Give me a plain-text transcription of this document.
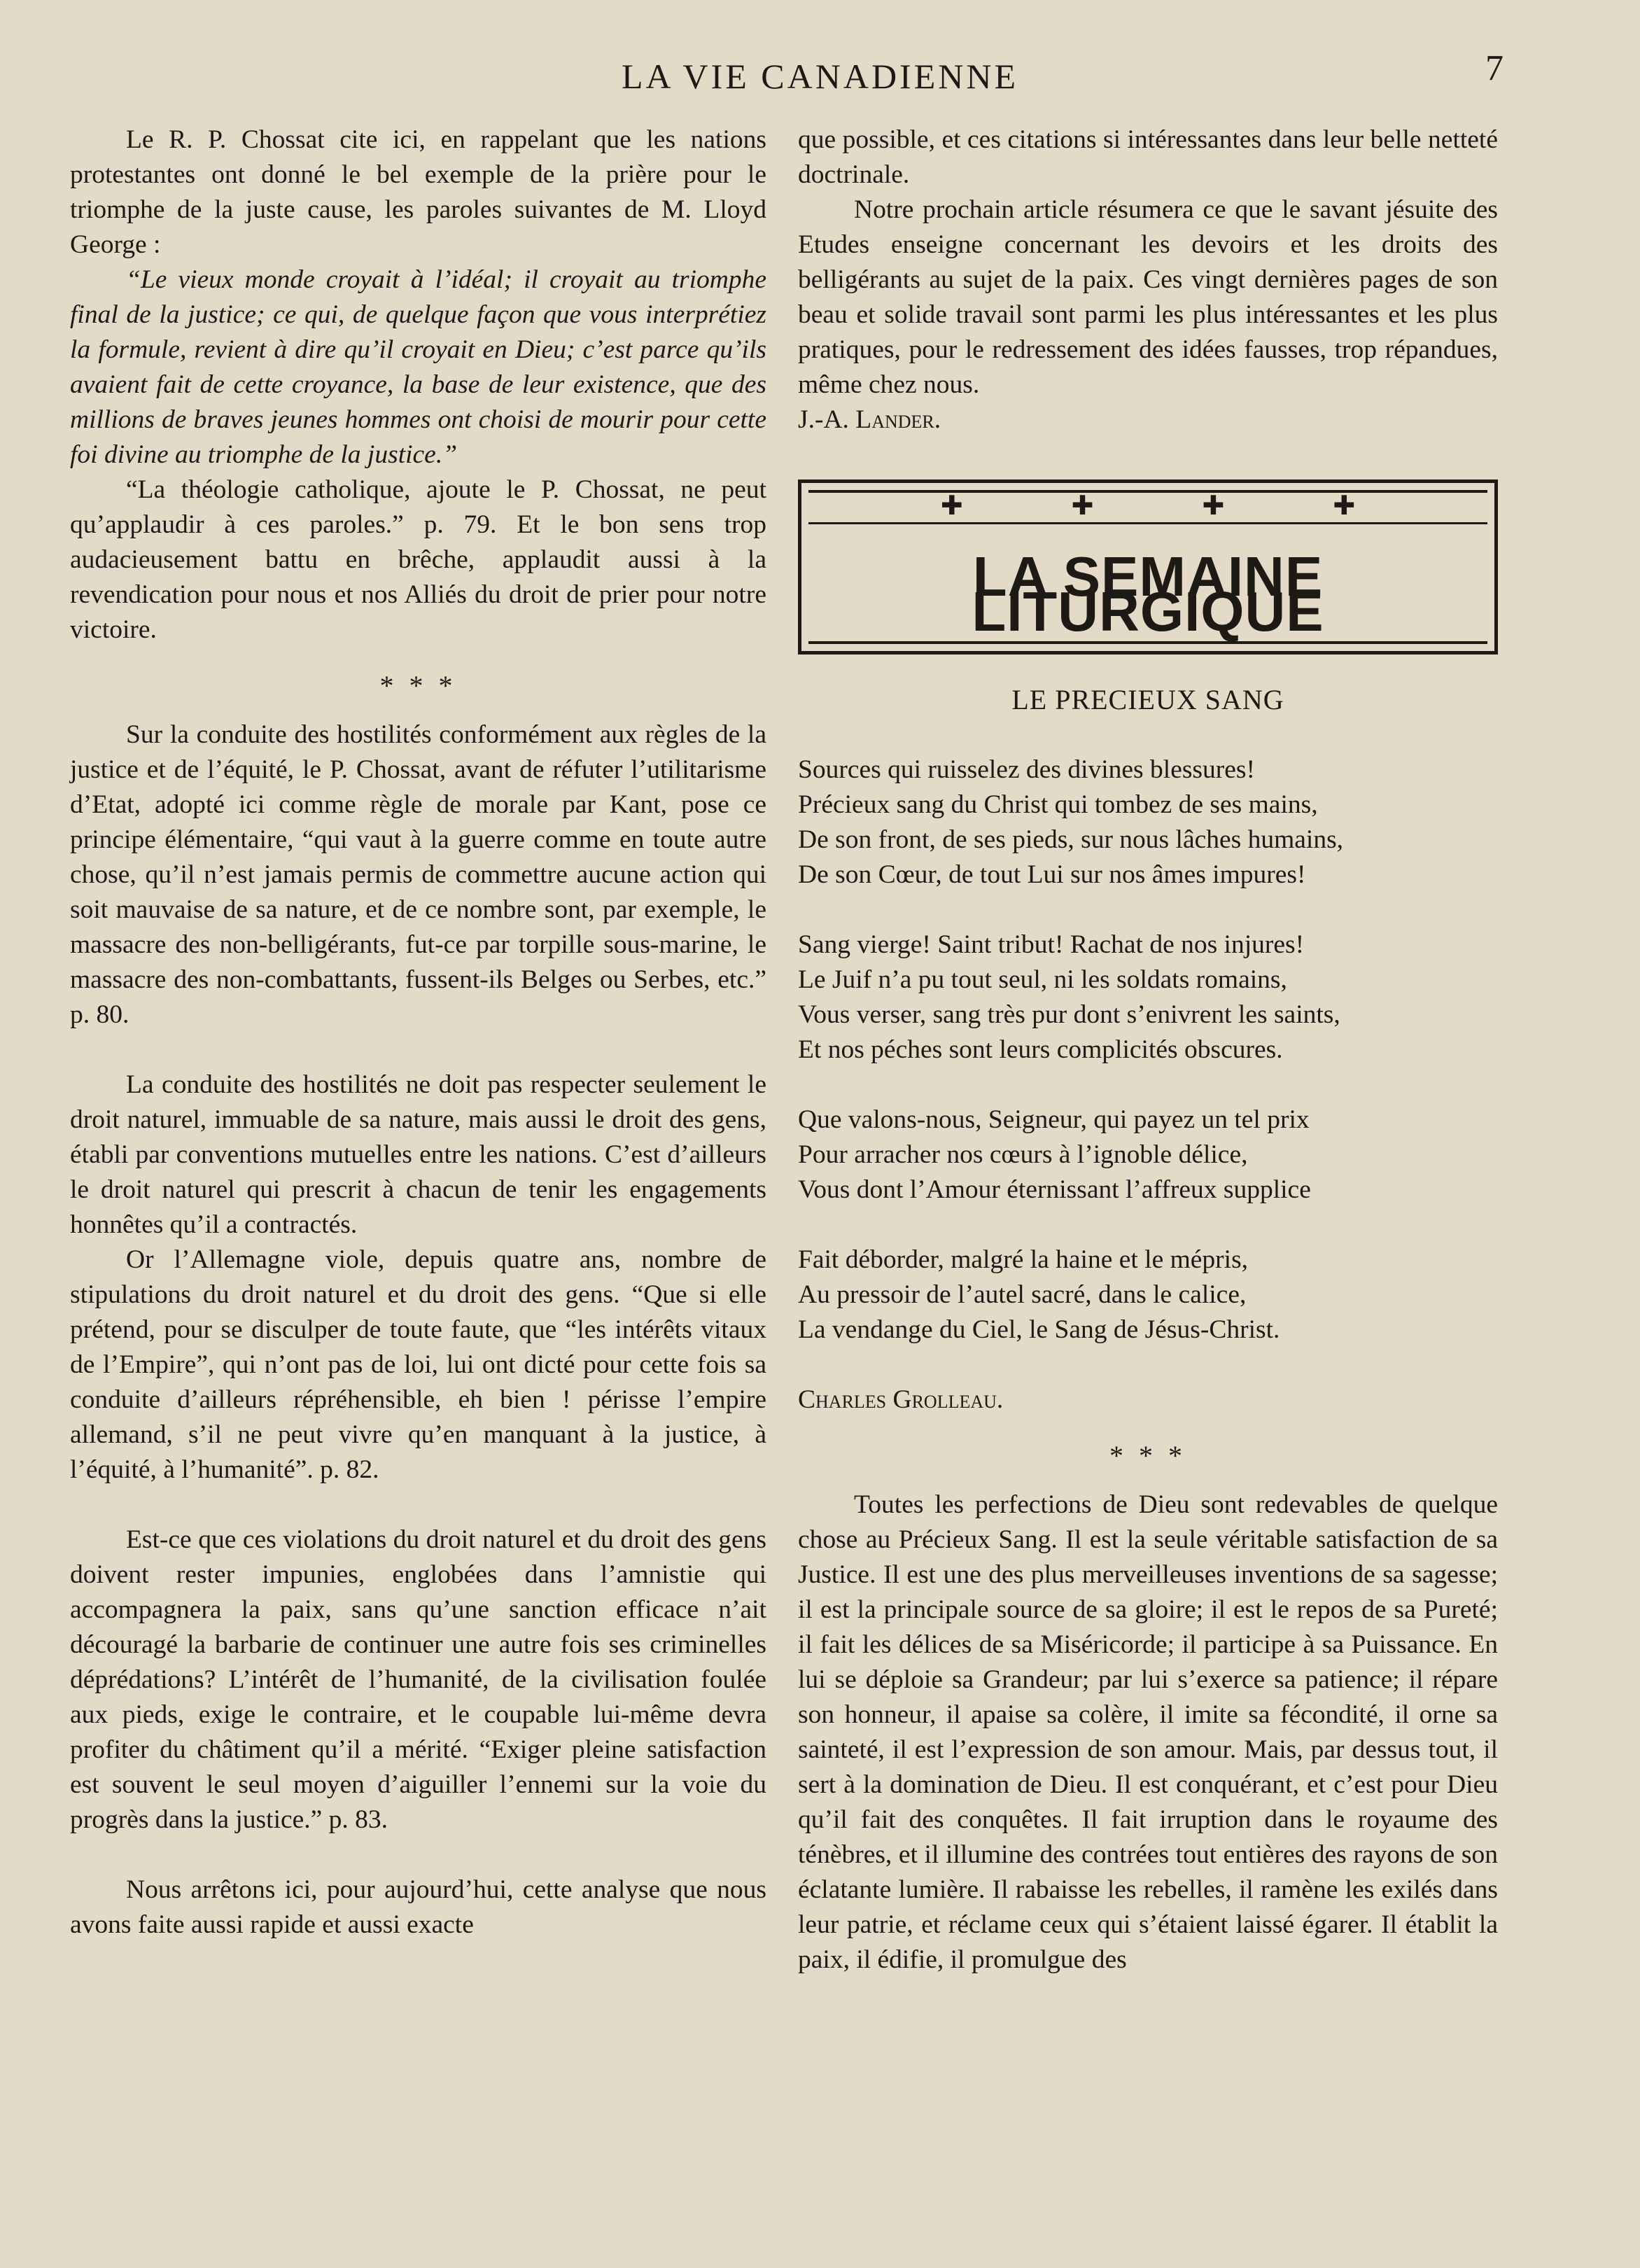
LA VIE CANADIENNE	7

Le R. P. Chossat cite ici, en rappelant que les nations protestantes ont donné le bel exemple de la prière pour le triomphe de la juste cause, les paroles suivantes de M. Lloyd George :

“Le vieux monde croyait à l’idéal; il croyait au triomphe final de la justice; ce qui, de quelque façon que vous interprétiez la formule, revient à dire qu’il croyait en Dieu; c’est parce qu’ils avaient fait de cette croyance, la base de leur existence, que des millions de braves jeunes hommes ont choisi de mourir pour cette foi divine au triomphe de la justice.”

“La théologie catholique, ajoute le P. Chossat, ne peut qu’applaudir à ces paroles.” p. 79. Et le bon sens trop audacieusement battu en brêche, applaudit aussi à la revendication pour nous et nos Alliés du droit de prier pour notre victoire.

* * *

Sur la conduite des hostilités conformément aux règles de la justice et de l’équité, le P. Chossat, avant de réfuter l’utilitarisme d’Etat, adopté ici comme règle de morale par Kant, pose ce principe élémentaire, “qui vaut à la guerre comme en toute autre chose, qu’il n’est jamais permis de commettre aucune action qui soit mauvaise de sa nature, et de ce nombre sont, par exemple, le massacre des non-belligérants, fut-ce par torpille sous-marine, le massacre des non-combattants, fussent-ils Belges ou Serbes, etc.” p. 80.

La conduite des hostilités ne doit pas respecter seulement le droit naturel, immuable de sa nature, mais aussi le droit des gens, établi par conventions mutuelles entre les nations. C’est d’ailleurs le droit naturel qui prescrit à chacun de tenir les engagements honnêtes qu’il a contractés.

Or l’Allemagne viole, depuis quatre ans, nombre de stipulations du droit naturel et du droit des gens. “Que si elle prétend, pour se disculper de toute faute, que “les intérêts vitaux de l’Empire”, qui n’ont pas de loi, lui ont dicté pour cette fois sa conduite d’ailleurs répréhensible, eh bien ! périsse l’empire allemand, s’il ne peut vivre qu’en manquant à la justice, à l’équité, à l’humanité”. p. 82.

Est-ce que ces violations du droit naturel et du droit des gens doivent rester impunies, englobées dans l’amnistie qui accompagnera la paix, sans qu’une sanction efficace n’ait découragé la barbarie de continuer une autre fois ses criminelles déprédations? L’intérêt de l’humanité, de la civilisation foulée aux pieds, exige le contraire, et le coupable lui-même devra profiter du châtiment qu’il a mérité. “Exiger pleine satisfaction est souvent le seul moyen d’aiguiller l’ennemi sur la voie du progrès dans la justice.” p. 83.

Nous arrêtons ici, pour aujourd’hui, cette analyse que nous avons faite aussi rapide et aussi exacte

que possible, et ces citations si intéressantes dans leur belle netteté doctrinale.

Notre prochain article résumera ce que le savant jésuite des Etudes enseigne concernant les devoirs et les droits des belligérants au sujet de la paix. Ces vingt dernières pages de son beau et solide travail sont parmi les plus intéressantes et les plus pratiques, pour le redressement des idées fausses, trop répandues, même chez nous.

J.-A. Lander.

✚	✚	✚	✚
LA SEMAINE LITURGIQUE
LE PRECIEUX SANG

Sources qui ruisselez des divines blessures!

Précieux sang du Christ qui tombez de ses mains,

De son front, de ses pieds, sur nous lâches humains,

De son Cœur, de tout Lui sur nos âmes impures!

Sang vierge! Saint tribut! Rachat de nos injures!

Le Juif n’a pu tout seul, ni les soldats romains,

Vous verser, sang très pur dont s’enivrent les saints,

Et nos péches sont leurs complicités obscures.

Que valons-nous, Seigneur, qui payez un tel prix

Pour arracher nos cœurs à l’ignoble délice,

Vous dont l’Amour éternissant l’affreux supplice

Fait déborder, malgré la haine et le mépris,

Au pressoir de l’autel sacré, dans le calice,

La vendange du Ciel, le Sang de Jésus-Christ.

Charles Grolleau.

* * *

Toutes les perfections de Dieu sont redevables de quelque chose au Précieux Sang. Il est la seule véritable satisfaction de sa Justice. Il est une des plus merveilleuses inventions de sa sagesse; il est la principale source de sa gloire; il est le repos de sa Pureté; il fait les délices de sa Miséricorde; il participe à sa Puissance. En lui se déploie sa Grandeur; par lui s’exerce sa patience; il répare son honneur, il apaise sa colère, il imite sa fécondité, il orne sa sainteté, il est l’expression de son amour. Mais, par dessus tout, il sert à la domination de Dieu. Il est conquérant, et c’est pour Dieu qu’il fait des conquêtes. Il fait irruption dans le royaume des ténèbres, et il illumine des contrées tout entières des rayons de son éclatante lumière. Il rabaisse les rebelles, il ramène les exilés dans leur patrie, et réclame ceux qui s’étaient laissé égarer. Il établit la paix, il édifie, il promulgue des
